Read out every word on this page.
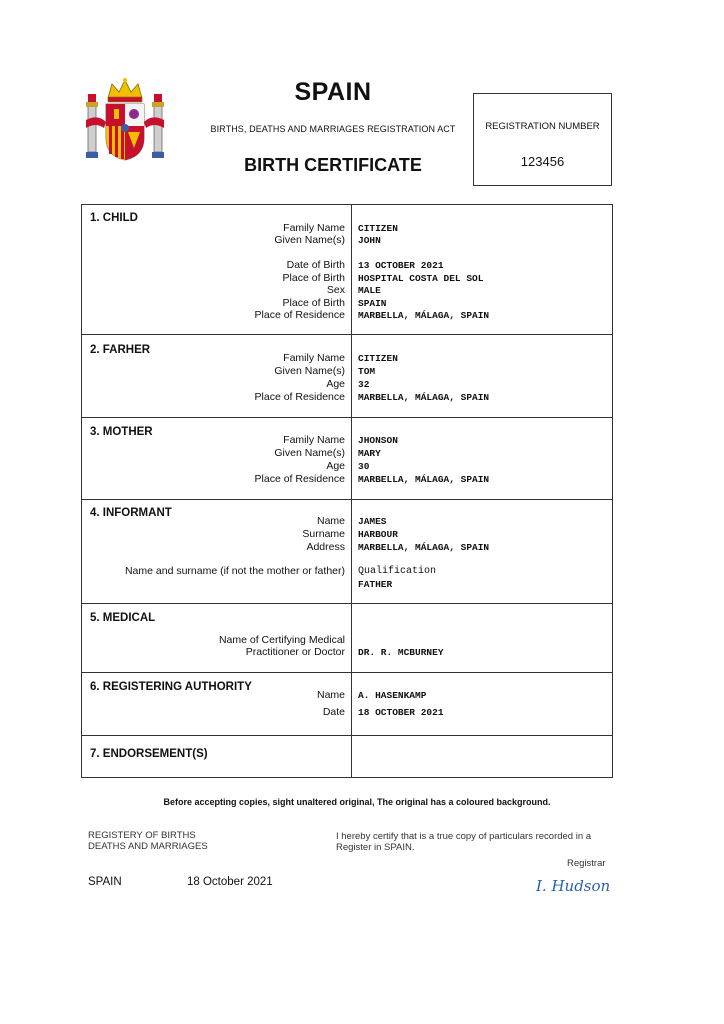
SPAIN
BIRTHS, DEATHS AND MARRIAGES REGISTRATION ACT
BIRTH CERTIFICATE
REGISTRATION NUMBER
123456
1. CHILD
Family Name CITIZEN
Given Name(s) JOHN
Date of Birth 13 OCTOBER 2021
Place of Birth HOSPITAL COSTA DEL SOL
Sex MALE
Place of Birth SPAIN
Place of Residence MARBELLA, MÁLAGA, SPAIN
2. FARHER
Family Name CITIZEN
Given Name(s) TOM
Age 32
Place of Residence MARBELLA, MÁLAGA, SPAIN
3. MOTHER
Family Name JHONSON
Given Name(s) MARY
Age 30
Place of Residence MARBELLA, MÁLAGA, SPAIN
4. INFORMANT
Name JAMES
Surname HARBOUR
Address MARBELLA, MÁLAGA, SPAIN
Name and surname (if not the mother or father) Qualification
FATHER
5. MEDICAL
Name of Certifying Medical
Practitioner or Doctor DR. R. MCBURNEY
6. REGISTERING AUTHORITY
Name A. HASENKAMP
Date 18 OCTOBER 2021
7. ENDORSEMENT(S)
Before accepting copies, sight unaltered original, The original has a coloured background.
REGISTERY OF BIRTHS
DEATHS AND MARRIAGES
I hereby certify that is a true copy of particulars recorded in a Register in SPAIN.
Registrar
SPAIN	18 October 2021	I. Hudson
